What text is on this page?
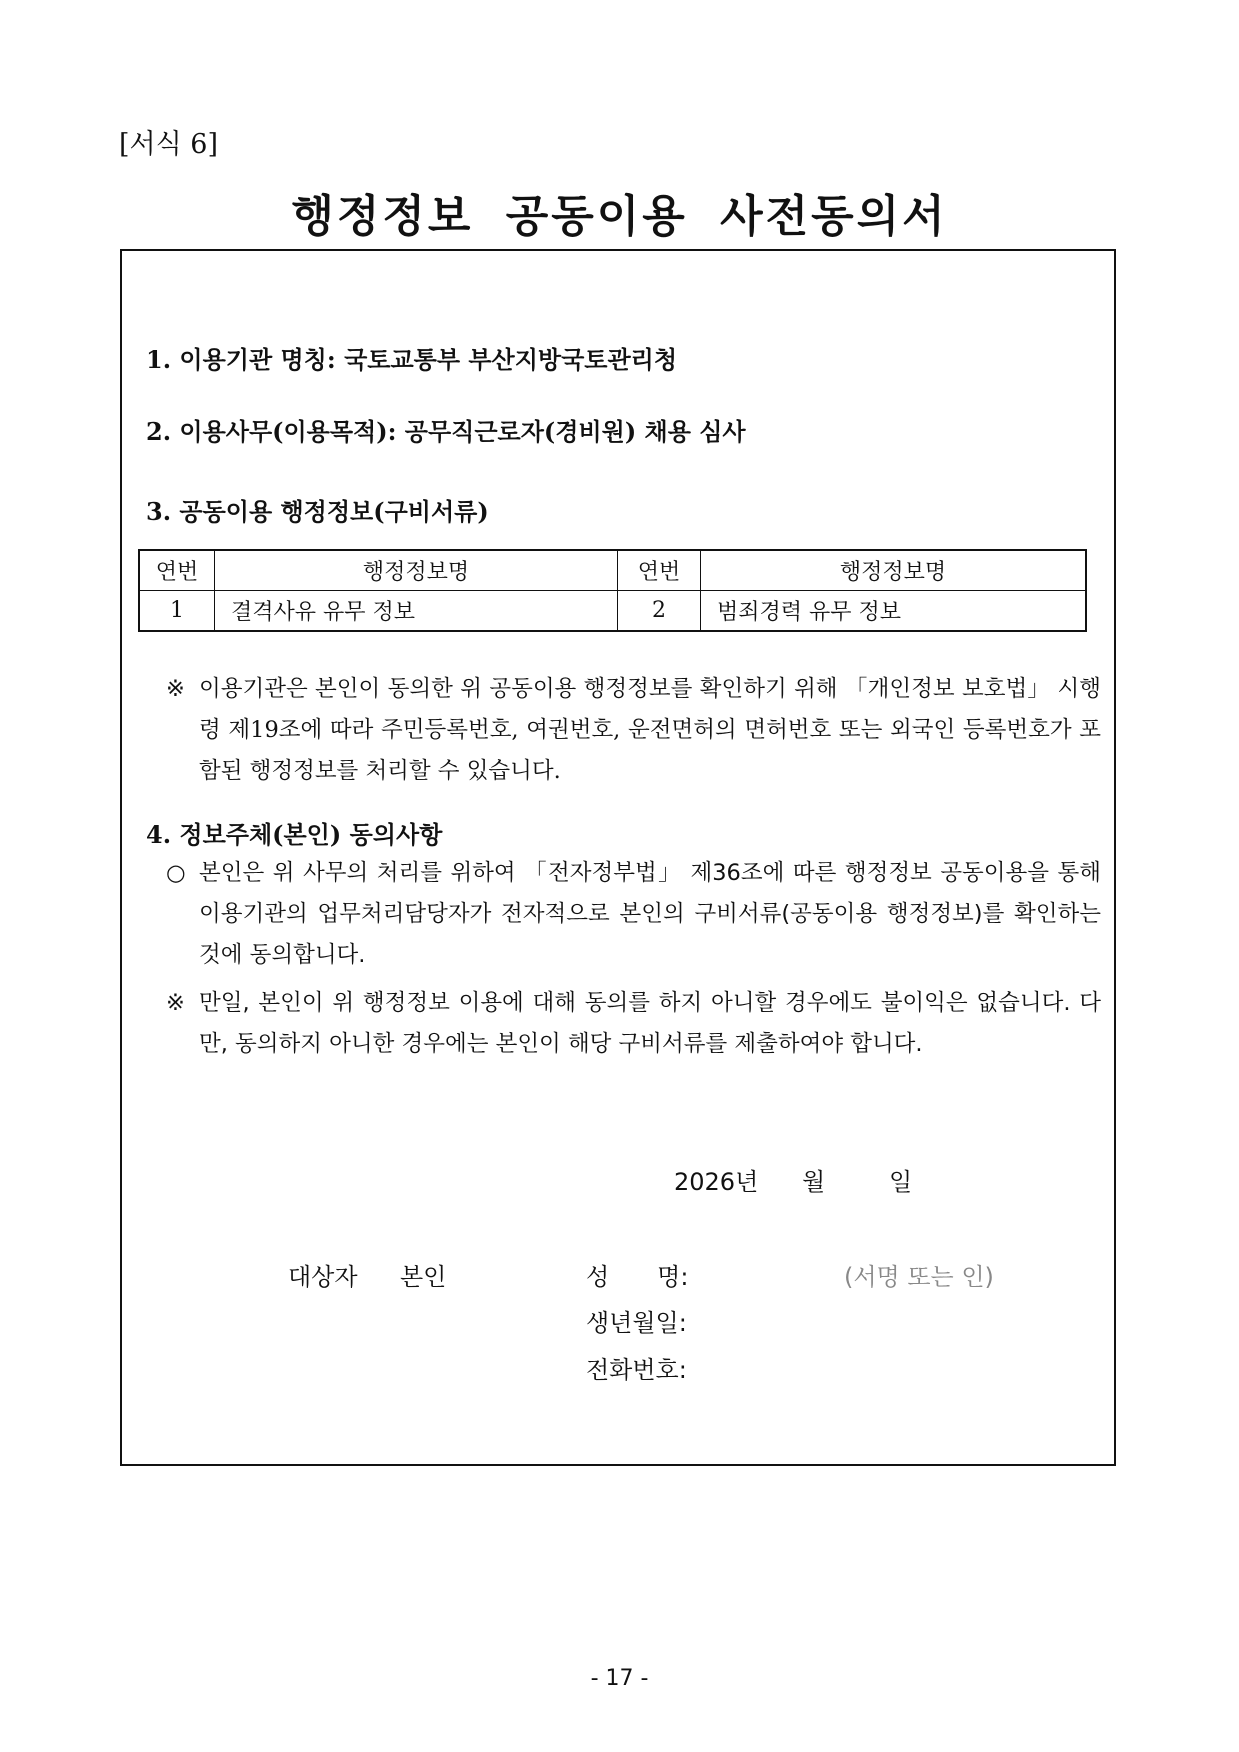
[서식 6]
행정정보 공동이용 사전동의서
1. 이용기관 명칭: 국토교통부 부산지방국토관리청
2. 이용사무(이용목적): 공무직근로자(경비원) 채용 심사
3. 공동이용 행정정보(구비서류)
연번	행정정보명	연번	행정정보명
1	결격사유 유무 정보	2	범죄경력 유무 정보
※ 이용기관은 본인이 동의한 위 공동이용 행정정보를 확인하기 위해 「개인정보 보호법」 시행령 제19조에 따라 주민등록번호, 여권번호, 운전면허의 면허번호 또는 외국인 등록번호가 포함된 행정정보를 처리할 수 있습니다.
4. 정보주체(본인) 동의사항
○ 본인은 위 사무의 처리를 위하여 「전자정부법」 제36조에 따른 행정정보 공동이용을 통해 이용기관의 업무처리담당자가 전자적으로 본인의 구비서류(공동이용 행정정보)를 확인하는 것에 동의합니다.
※ 만일, 본인이 위 행정정보 이용에 대해 동의를 하지 아니할 경우에도 불이익은 없습니다. 다만, 동의하지 아니한 경우에는 본인이 해당 구비서류를 제출하여야 합니다.
2026년 월	일
대상자 본인	성　　명:	(서명 또는 인)
생년월일:
전화번호:
- 17 -
